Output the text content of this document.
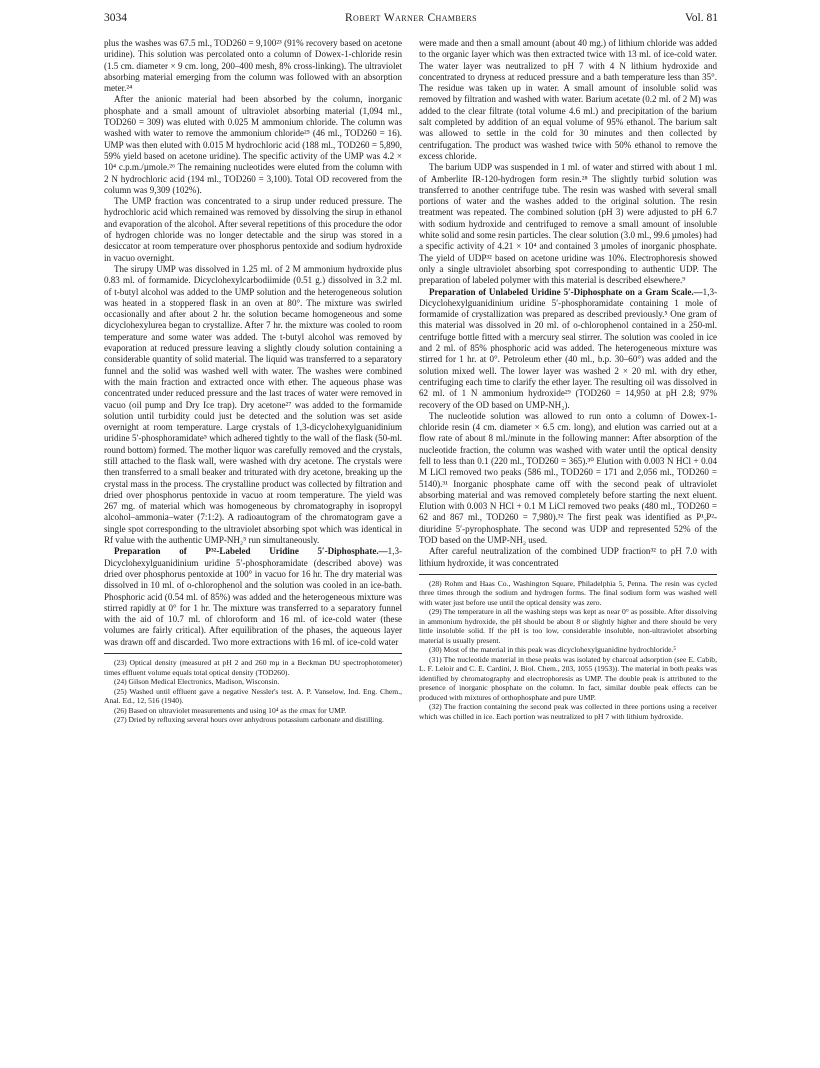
3034	Robert Warner Chambers	Vol. 81

plus the washes was 67.5 ml., TOD260 = 9,100²³ (91% recovery based on acetone uridine). This solution was percolated onto a column of Dowex-1-chloride resin (1.5 cm. diameter × 9 cm. long, 200–400 mesh, 8% cross-linking). The ultraviolet absorbing material emerging from the column was followed with an absorption meter.²⁴

After the anionic material had been absorbed by the column, inorganic phosphate and a small amount of ultraviolet absorbing material (1,094 ml., TOD260 = 309) was eluted with 0.025 M ammonium chloride. The column was washed with water to remove the ammonium chloride²⁵ (46 ml., TOD260 = 16). UMP was then eluted with 0.015 M hydrochloric acid (188 ml., TOD260 = 5,890, 59% yield based on acetone uridine). The specific activity of the UMP was 4.2 × 10⁴ c.p.m./µmole.²⁶ The remaining nucleotides were eluted from the column with 2 N hydrochloric acid (194 ml., TOD260 = 3,100). Total OD recovered from the column was 9,309 (102%).

The UMP fraction was concentrated to a sirup under reduced pressure. The hydrochloric acid which remained was removed by dissolving the sirup in ethanol and evaporation of the alcohol. After several repetitions of this procedure the odor of hydrogen chloride was no longer detectable and the sirup was stored in a desiccator at room temperature over phosphorus pentoxide and sodium hydroxide in vacuo overnight.

The sirupy UMP was dissolved in 1.25 ml. of 2 M ammonium hydroxide plus 0.83 ml. of formamide. Dicyclohexylcarbodiimide (0.51 g.) dissolved in 3.2 ml. of t-butyl alcohol was added to the UMP solution and the heterogeneous solution was heated in a stoppered flask in an oven at 80°. The mixture was swirled occasionally and after about 2 hr. the solution became homogeneous and some dicyclohexylurea began to crystallize. After 7 hr. the mixture was cooled to room temperature and some water was added. The t-butyl alcohol was removed by evaporation at reduced pressure leaving a slightly cloudy solution containing a considerable quantity of solid material. The liquid was transferred to a separatory funnel and the solid was washed well with water. The washes were combined with the main fraction and extracted once with ether. The aqueous phase was concentrated under reduced pressure and the last traces of water were removed in vacuo (oil pump and Dry Ice trap). Dry acetone²⁷ was added to the formamide solution until turbidity could just be detected and the solution was set aside overnight at room temperature. Large crystals of 1,3-dicyclohexylguanidinium uridine 5′-phosphoramidate⁵ which adhered tightly to the wall of the flask (50-ml. round bottom) formed. The mother liquor was carefully removed and the crystals, still attached to the flask wall, were washed with dry acetone. The crystals were then transferred to a small beaker and triturated with dry acetone, breaking up the crystal mass in the process. The crystalline product was collected by filtration and dried over phosphorus pentoxide in vacuo at room temperature. The yield was 267 mg. of material which was homogeneous by chromatography in isopropyl alcohol–ammonia–water (7:1:2). A radioautogram of the chromatogram gave a single spot corresponding to the ultraviolet absorbing spot which was identical in Rf value with the authentic UMP-NH₂⁵ run simultaneously.

Preparation of P³²-Labeled Uridine 5′-Diphosphate.—1,3-Dicyclohexylguanidinium uridine 5′-phosphoramidate (described above) was dried over phosphorus pentoxide at 100° in vacuo for 16 hr. The dry material was dissolved in 10 ml. of o-chlorophenol and the solution was cooled in an ice-bath. Phosphoric acid (0.54 ml. of 85%) was added and the heterogeneous mixture was stirred rapidly at 0° for 1 hr. The mixture was transferred to a separatory funnel with the aid of 10.7 ml. of chloroform and 16 ml. of ice-cold water (these volumes are fairly critical). After equilibration of the phases, the aqueous layer was drawn off and discarded. Two more extractions with 16 ml. of ice-cold water

(23) Optical density (measured at pH 2 and 260 mµ in a Beckman DU spectrophotometer) times effluent volume equals total optical density (TOD260).

(24) Gilson Medical Electronics, Madison, Wisconsin.

(25) Washed until effluent gave a negative Nessler's test. A. P. Vanselow, Ind. Eng. Chem., Anal. Ed., 12, 516 (1940).

(26) Based on ultraviolet measurements and using 10⁴ as the εmax for UMP.

(27) Dried by refluxing several hours over anhydrous potassium carbonate and distilling.

were made and then a small amount (about 40 mg.) of lithium chloride was added to the organic layer which was then extracted twice with 13 ml. of ice-cold water. The water layer was neutralized to pH 7 with 4 N lithium hydroxide and concentrated to dryness at reduced pressure and a bath temperature less than 35°. The residue was taken up in water. A small amount of insoluble solid was removed by filtration and washed with water. Barium acetate (0.2 ml. of 2 M) was added to the clear filtrate (total volume 4.6 ml.) and precipitation of the barium salt completed by addition of an equal volume of 95% ethanol. The barium salt was allowed to settle in the cold for 30 minutes and then collected by centrifugation. The product was washed twice with 50% ethanol to remove the excess chloride.

The barium UDP was suspended in 1 ml. of water and stirred with about 1 ml. of Amberlite IR-120-hydrogen form resin.²⁸ The slightly turbid solution was transferred to another centrifuge tube. The resin was washed with several small portions of water and the washes added to the original solution. The resin treatment was repeated. The combined solution (pH 3) were adjusted to pH 6.7 with sodium hydroxide and centrifuged to remove a small amount of insoluble white solid and some resin particles. The clear solution (3.0 ml., 99.6 µmoles) had a specific activity of 4.21 × 10⁴ and contained 3 µmoles of inorganic phosphate. The yield of UDP³² based on acetone uridine was 10%. Electrophoresis showed only a single ultraviolet absorbing spot corresponding to authentic UDP. The preparation of labeled polymer with this material is described elsewhere.⁹

Preparation of Unlabeled Uridine 5′-Diphosphate on a Gram Scale.—1,3-Dicyclohexylguanidinium uridine 5′-phosphoramidate containing 1 mole of formamide of crystallization was prepared as described previously.⁵ One gram of this material was dissolved in 20 ml. of o-chlorophenol contained in a 250-ml. centrifuge bottle fitted with a mercury seal stirrer. The solution was cooled in ice and 2 ml. of 85% phosphoric acid was added. The heterogeneous mixture was stirred for 1 hr. at 0°. Petroleum ether (40 ml., b.p. 30–60°) was added and the solution mixed well. The lower layer was washed 2 × 20 ml. with dry ether, centrifuging each time to clarify the ether layer. The resulting oil was dissolved in 62 ml. of 1 N ammonium hydroxide²⁹ (TOD260 = 14,950 at pH 2.8; 97% recovery of the OD based on UMP-NH₂).

The nucleotide solution was allowed to run onto a column of Dowex-1-chloride resin (4 cm. diameter × 6.5 cm. long), and elution was carried out at a flow rate of about 8 ml./minute in the following manner: After absorption of the nucleotide fraction, the column was washed with water until the optical density fell to less than 0.1 (220 ml., TOD260 = 365).³⁰ Elution with 0.003 N HCl + 0.04 M LiCl removed two peaks (586 ml., TOD260 = 171 and 2,056 ml., TOD260 = 5140).³¹ Inorganic phosphate came off with the second peak of ultraviolet absorbing material and was removed completely before starting the next eluent. Elution with 0.003 N HCl + 0.1 M LiCl removed two peaks (480 ml., TOD260 = 62 and 867 ml., TOD260 = 7,980).³² The first peak was identified as P¹,P²-diuridine 5′-pyrophosphate. The second was UDP and represented 52% of the TOD based on the UMP-NH₂ used.

After careful neutralization of the combined UDP fraction³² to pH 7.0 with lithium hydroxide, it was concentrated

(28) Rohm and Haas Co., Washington Square, Philadelphia 5, Penna. The resin was cycled three times through the sodium and hydrogen forms. The final sodium form was washed well with water just before use until the optical density was zero.

(29) The temperature in all the washing steps was kept as near 0° as possible. After dissolving in ammonium hydroxide, the pH should be about 8 or slightly higher and there should be very little insoluble solid. If the pH is too low, considerable insoluble, non-ultraviolet absorbing material is usually present.

(30) Most of the material in this peak was dicyclohexylguanidine hydrochloride.⁵

(31) The nucleotide material in these peaks was isolated by charcoal adsorption (see E. Cabib, L. F. Leloir and C. E. Cardini, J. Biol. Chem., 203, 1055 (1953)). The material in both peaks was identified by chromatography and electrophoresis as UMP. The double peak is attributed to the presence of inorganic phosphate on the column. In fact, similar double peak effects can be produced with mixtures of orthophosphate and pure UMP.

(32) The fraction containing the second peak was collected in three portions using a receiver which was chilled in ice. Each portion was neutralized to pH 7 with lithium hydroxide.
